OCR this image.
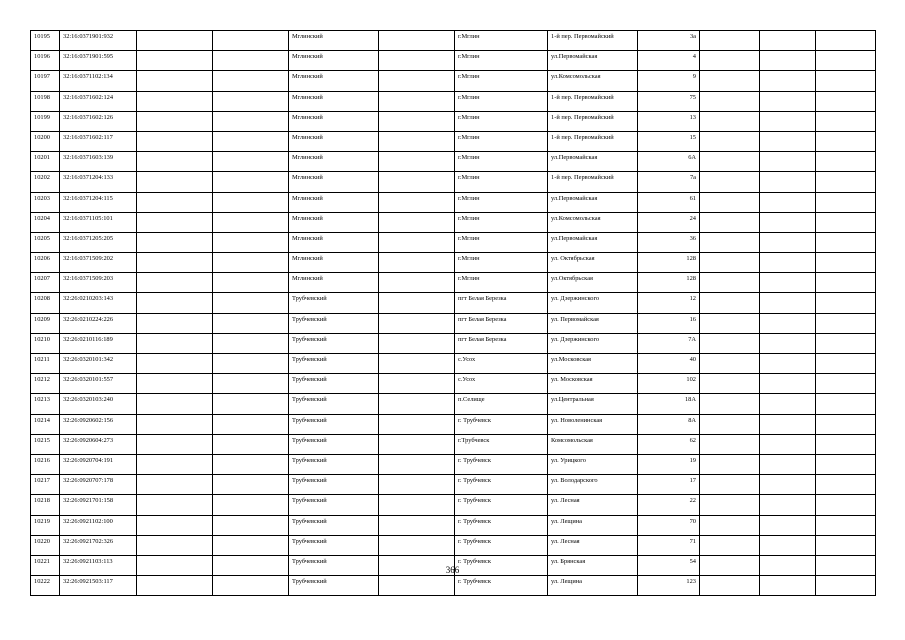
10195	32:16:0371901:932			Мглинский		г.Мглин	1-й пер. Первомайский	3а			
10196	32:16:0371901:595			Мглинский		г.Мглин	ул.Первомайская	4			
10197	32:16:0371102:134			Мглинский		г.Мглин	ул.Комсомольская	9			
10198	32:16:0371602:124			Мглинский		г.Мглин	1-й пер. Первомайский	75			
10199	32:16:0371602:126			Мглинский		г.Мглин	1-й пер. Первомайский	13			
10200	32:16:0371602:117			Мглинский		г.Мглин	1-й пер. Первомайский	15			
10201	32:16:0371603:139			Мглинский		г.Мглин	ул.Первомайская	6А			
10202	32:16:0371204:133			Мглинский		г.Мглин	1-й пер. Первомайский	7а			
10203	32:16:0371204:115			Мглинский		г.Мглин	ул.Первомайская	61			
10204	32:16:0371105:101			Мглинский		г.Мглин	ул.Комсомольская	24			
10205	32:16:0371205:205			Мглинский		г.Мглин	ул.Первомайская	36			
10206	32:16:0371509:202			Мглинский		г.Мглин	ул. Октябрьская	128			
10207	32:16:0371509:203			Мглинский		г.Мглин	ул.Октябрьская	128			
10208	32:26:0210203:143			Трубчевский		пгт Белая Березка	ул. Дзержинского	12			
10209	32:26:0210224:226			Трубчевский		пгт Белая Березка	ул. Первомайская	16			
10210	32:26:0210116:189			Трубчевский		пгт Белая Березка	ул. Дзержинского	7А			
10211	32:26:0320101:342			Трубчевский		с.Усох	ул.Московская	40			
10212	32:26:0320101:557			Трубчевский		с.Усох	ул. Московская	102			
10213	32:26:0320103:240			Трубчевский		п.Селище	ул.Центральная	18А			
10214	32:26:0920602:156			Трубчевский		г. Трубчевск	ул. Новоленинская	8А			
10215	32:26:0920604:273			Трубчевский		г.Трубчевск	Комсомольская	62			
10216	32:26:0920704:191			Трубчевский		г. Трубчевск	ул. Урицкого	19			
10217	32:26:0920707:178			Трубчевский		г. Трубчевск	ул. Володарского	17			
10218	32:26:0921701:158			Трубчевский		г. Трубчевск	ул. Лесная	22			
10219	32:26:0921102:100			Трубчевский		г. Трубчевск	ул. Лещина	70			
10220	32:26:0921702:326			Трубчевский		г. Трубчевск	ул. Лесная	71			
10221	32:26:0921103:113			Трубчевский		г. Трубчевск	ул. Брянская	54			
10222	32:26:0921503:117			Трубчевский		г. Трубчевск	ул. Лещина	123			
366
